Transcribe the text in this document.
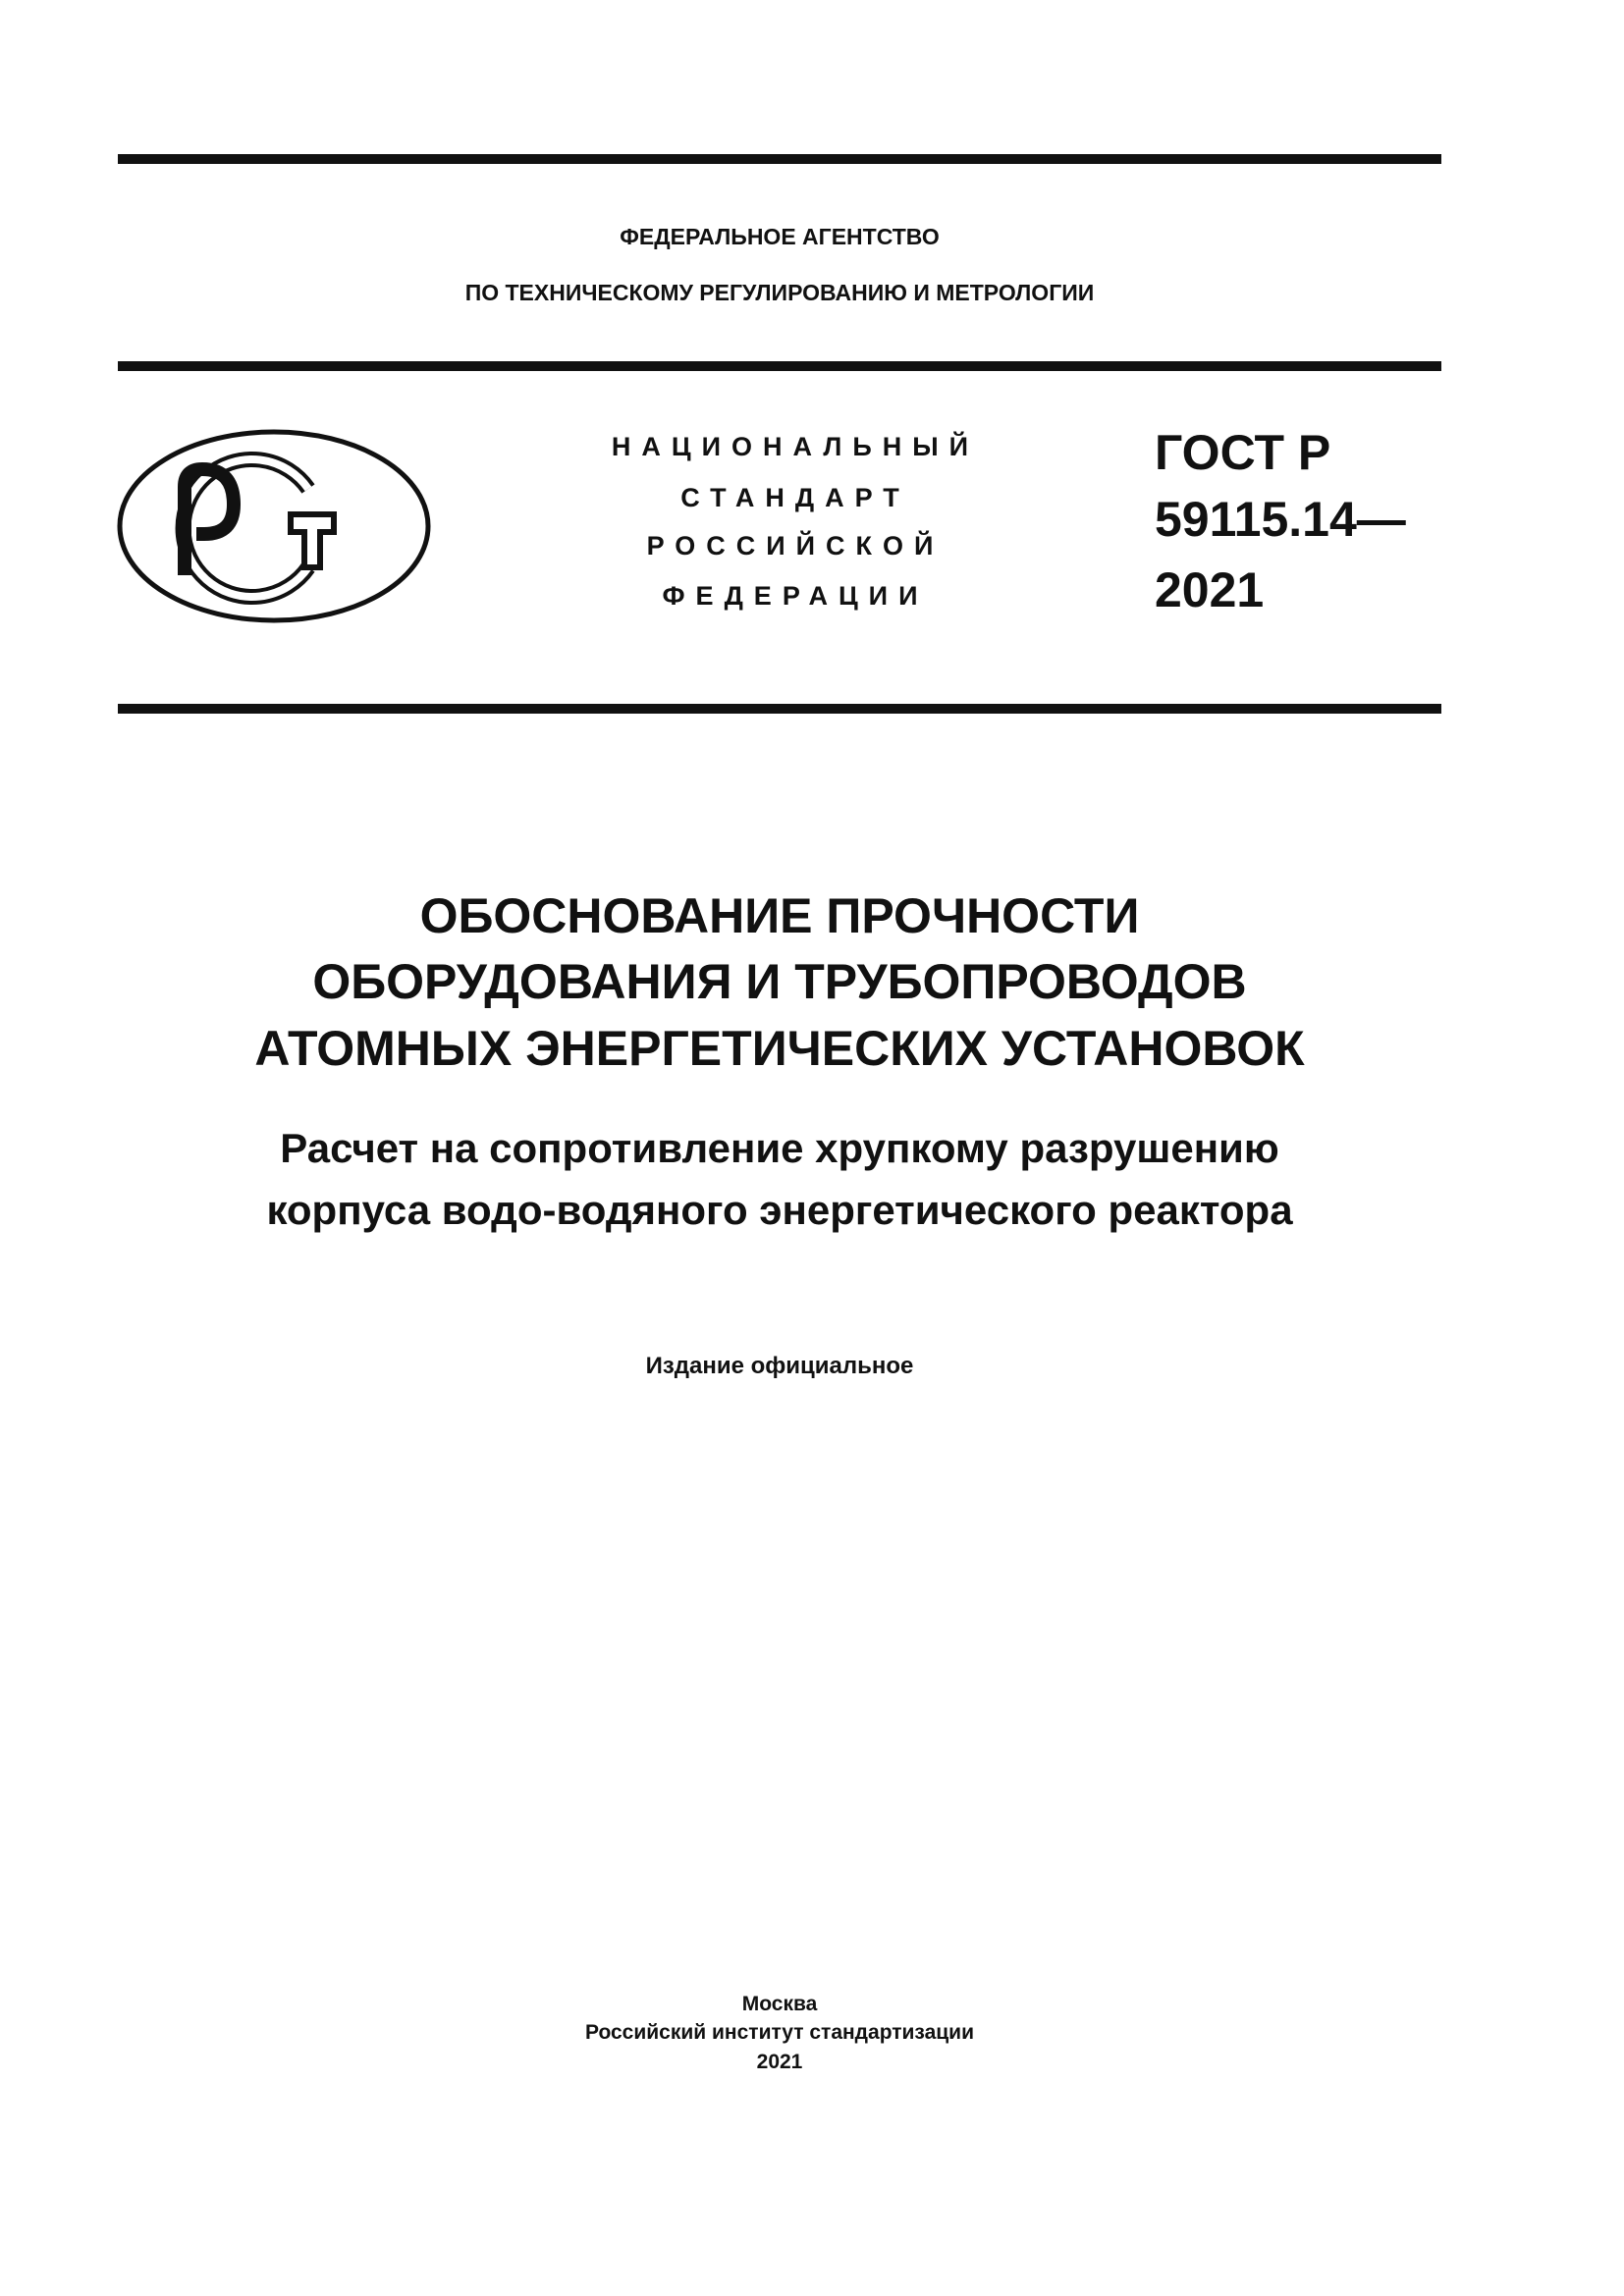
ФЕДЕРАЛЬНОЕ АГЕНТСТВО
ПО ТЕХНИЧЕСКОМУ РЕГУЛИРОВАНИЮ И МЕТРОЛОГИИ
НАЦИОНАЛЬНЫЙ
СТАНДАРТ
РОССИЙСКОЙ
ФЕДЕРАЦИИ
ГОСТ Р
59115.14—
2021
ОБОСНОВАНИЕ ПРОЧНОСТИ
ОБОРУДОВАНИЯ И ТРУБОПРОВОДОВ
АТОМНЫХ ЭНЕРГЕТИЧЕСКИХ УСТАНОВОК
Расчет на сопротивление хрупкому разрушению
корпуса водо-водяного энергетического реактора
Издание официальное
Москва
Российский институт стандартизации
2021
